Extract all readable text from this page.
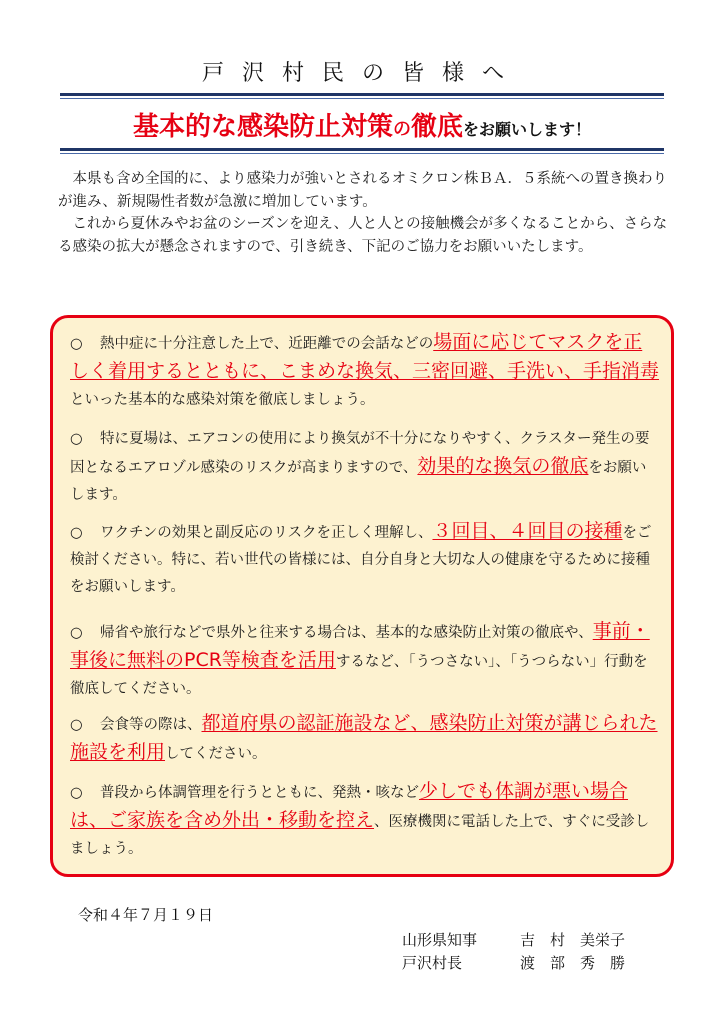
戸沢村民の皆様へ
基本的な感染防止対策の徹底をお願いします！

本県も含め全国的に、より感染力が強いとされるオミクロン株ＢＡ．５系統への置き換わりが進み、新規陽性者数が急激に増加しています。

これから夏休みやお盆のシーズンを迎え、人と人との接触機会が多くなることから、さらなる感染の拡大が懸念されますので、引き続き、下記のご協力をお願いいたします。

○ 熱中症に十分注意した上で、近距離での会話などの場面に応じてマスクを正しく着用するとともに、こまめな換気、三密回避、手洗い、手指消毒といった基本的な感染対策を徹底しましょう。
○ 特に夏場は、エアコンの使用により換気が不十分になりやすく、クラスター発生の要因となるエアロゾル感染のリスクが高まりますので、効果的な換気の徹底をお願いします。
○ ワクチンの効果と副反応のリスクを正しく理解し、３回目、４回目の接種をご検討ください。特に、若い世代の皆様には、自分自身と大切な人の健康を守るために接種をお願いします。
○ 帰省や旅行などで県外と往来する場合は、基本的な感染防止対策の徹底や、事前・事後に無料のPCR等検査を活用するなど、「うつさない」、「うつらない」行動を徹底してください。
○ 会食等の際は、都道府県の認証施設など、感染防止対策が講じられた施設を利用してください。
○ 普段から体調管理を行うとともに、発熱・咳など少しでも体調が悪い場合は、ご家族を含め外出・移動を控え、医療機関に電話した上で、すぐに受診しましょう。
令和４年７月１９日
山形県知事	吉　村　美栄子
戸沢村長	渡　部　秀　勝
